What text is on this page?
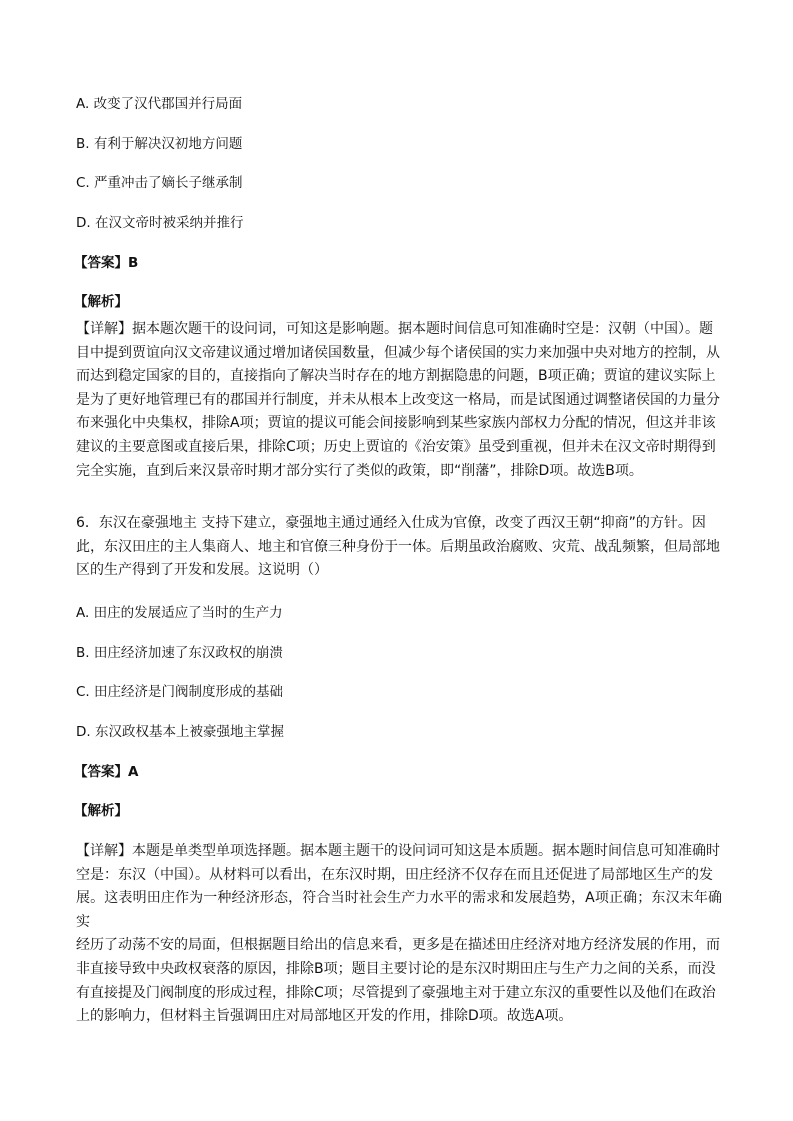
A. 改变了汉代郡国并行局面
B. 有利于解决汉初地方问题
C. 严重冲击了嫡长子继承制
D. 在汉文帝时被采纳并推行
【答案】B
【解析】

【详解】据本题次题干的设问词，可知这是影响题。据本题时间信息可知准确时空是：汉朝（中国）。题

目中提到贾谊向汉文帝建议通过增加诸侯国数量，但减少每个诸侯国的实力来加强中央对地方的控制，从

而达到稳定国家的目的，直接指向了解决当时存在的地方割据隐患的问题，B项正确；贾谊的建议实际上

是为了更好地管理已有的郡国并行制度，并未从根本上改变这一格局，而是试图通过调整诸侯国的力量分

布来强化中央集权，排除A项；贾谊的提议可能会间接影响到某些家族内部权力分配的情况，但这并非该

建议的主要意图或直接后果，排除C项；历史上贾谊的《治安策》虽受到重视，但并未在汉文帝时期得到

完全实施，直到后来汉景帝时期才部分实行了类似的政策，即“削藩”，排除D项。故选B项。

6．东汉在豪强地主 支持下建立，豪强地主通过通经入仕成为官僚，改变了西汉王朝“抑商”的方针。因

此，东汉田庄的主人集商人、地主和官僚三种身份于一体。后期虽政治腐败、灾荒、战乱频繁，但局部地

区的生产得到了开发和发展。这说明（）

A. 田庄的发展适应了当时的生产力
B. 田庄经济加速了东汉政权的崩溃
C. 田庄经济是门阀制度形成的基础
D. 东汉政权基本上被豪强地主掌握
【答案】A
【解析】

【详解】本题是单类型单项选择题。据本题主题干的设问词可知这是本质题。据本题时间信息可知准确时

空是：东汉（中国）。从材料可以看出，在东汉时期，田庄经济不仅存在而且还促进了局部地区生产的发

展。这表明田庄作为一种经济形态，符合当时社会生产力水平的需求和发展趋势，A项正确；东汉末年确实

经历了动荡不安的局面，但根据题目给出的信息来看，更多是在描述田庄经济对地方经济发展的作用，而

非直接导致中央政权衰落的原因，排除B项；题目主要讨论的是东汉时期田庄与生产力之间的关系，而没

有直接提及门阀制度的形成过程，排除C项；尽管提到了豪强地主对于建立东汉的重要性以及他们在政治

上的影响力，但材料主旨强调田庄对局部地区开发的作用，排除D项。故选A项。
